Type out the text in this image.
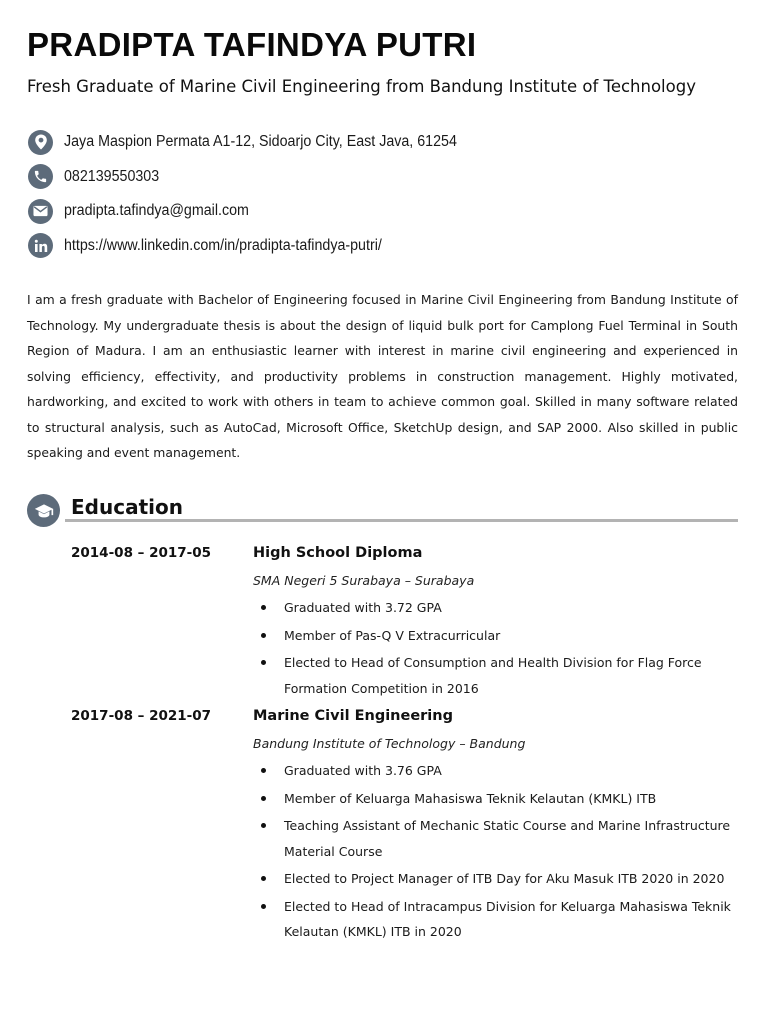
PRADIPTA TAFINDYA PUTRI
Fresh Graduate of Marine Civil Engineering from Bandung Institute of Technology
Jaya Maspion Permata A1-12, Sidoarjo City, East Java, 61254
082139550303
pradipta.tafindya@gmail.com
https://www.linkedin.com/in/pradipta-tafindya-putri/

I am a fresh graduate with Bachelor of Engineering focused in Marine Civil Engineering from Bandung Institute of Technology. My undergraduate thesis is about the design of liquid bulk port for Camplong Fuel Terminal in South Region of Madura. I am an enthusiastic learner with interest in marine civil engineering and experienced in solving efficiency, effectivity, and productivity problems in construction management. Highly motivated, hardworking, and excited to work with others in team to achieve common goal. Skilled in many software related to structural analysis, such as AutoCad, Microsoft Office, SketchUp design, and SAP 2000. Also skilled in public speaking and event management.

Education
2014-08 – 2017-05	High School Diploma
SMA Negeri 5 Surabaya – Surabaya
Graduated with 3.72 GPA
Member of Pas-Q V Extracurricular
Elected to Head of Consumption and Health Division for Flag Force Formation Competition in 2016
2017-08 – 2021-07	Marine Civil Engineering
Bandung Institute of Technology – Bandung
Graduated with 3.76 GPA
Member of Keluarga Mahasiswa Teknik Kelautan (KMKL) ITB
Teaching Assistant of Mechanic Static Course and Marine Infrastructure Material Course
Elected to Project Manager of ITB Day for Aku Masuk ITB 2020 in 2020
Elected to Head of Intracampus Division for Keluarga Mahasiswa Teknik Kelautan (KMKL) ITB in 2020
